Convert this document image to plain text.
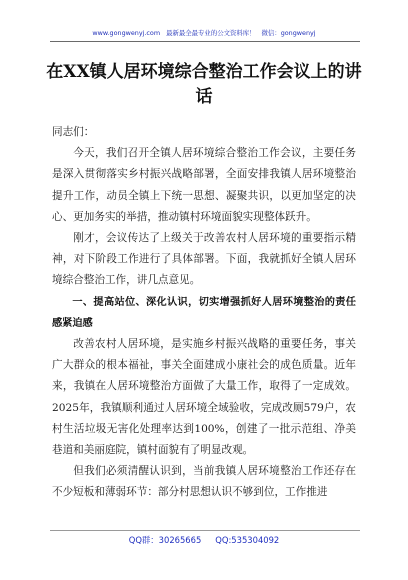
www.gongwenyj.com 最新最全最专业的公文资料库！ 微信：gongwenyj
在XX镇人居环境综合整治工作会议上的讲话

同志们：

今天，我们召开全镇人居环境综合整治工作会议，主要任务是深入贯彻落实乡村振兴战略部署，全面安排我镇人居环境整治提升工作，动员全镇上下统一思想、凝聚共识，以更加坚定的决心、更加务实的举措，推动镇村环境面貌实现整体跃升。

刚才，会议传达了上级关于改善农村人居环境的重要指示精神，对下阶段工作进行了具体部署。下面，我就抓好全镇人居环境综合整治工作，讲几点意见。

一、提高站位、深化认识，切实增强抓好人居环境整治的责任感紧迫感

改善农村人居环境，是实施乡村振兴战略的重要任务，事关广大群众的根本福祉，事关全面建成小康社会的成色质量。近年来，我镇在人居环境整治方面做了大量工作，取得了一定成效。2025年，我镇顺利通过人居环境全域验收，完成改厕579户，农村生活垃圾无害化处理率达到100%，创建了一批示范组、净美巷道和美丽庭院，镇村面貌有了明显改观。

但我们必须清醒认识到，当前我镇人居环境整治工作还存在不少短板和薄弱环节：部分村思想认识不够到位，工作推进

QQ群：30265665 QQ:535304092
